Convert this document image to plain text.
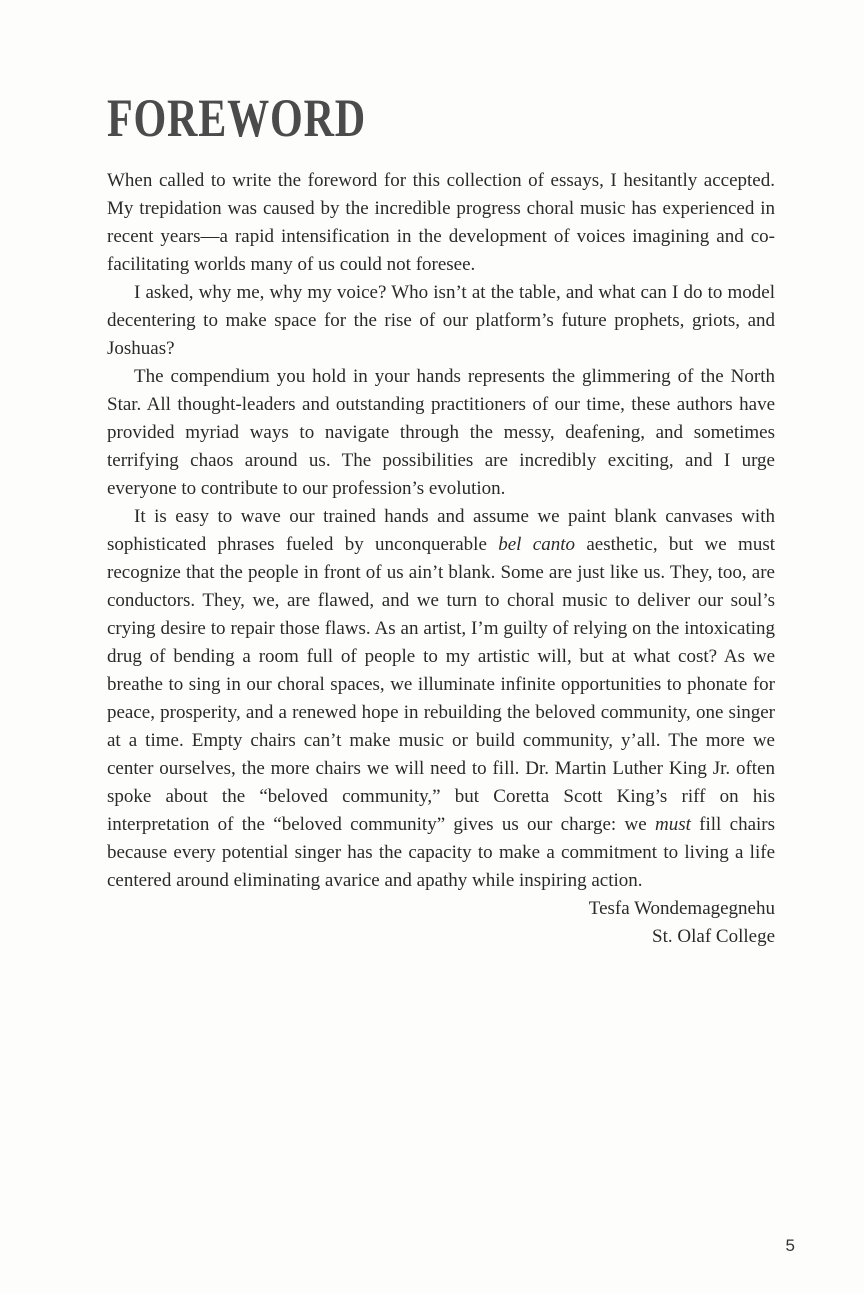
FOREWORD

When called to write the foreword for this collection of essays, I hesitantly accepted. My trepidation was caused by the incredible progress choral music has experienced in recent years—a rapid intensification in the development of voices imagining and co-facilitating worlds many of us could not foresee.

I asked, why me, why my voice? Who isn’t at the table, and what can I do to model decentering to make space for the rise of our platform’s future prophets, griots, and Joshuas?

The compendium you hold in your hands represents the glimmering of the North Star. All thought-leaders and outstanding practitioners of our time, these authors have provided myriad ways to navigate through the messy, deafening, and sometimes terrifying chaos around us. The possibilities are incredibly exciting, and I urge everyone to contribute to our profession’s evolution.

It is easy to wave our trained hands and assume we paint blank canvases with sophisticated phrases fueled by unconquerable bel canto aesthetic, but we must recognize that the people in front of us ain’t blank. Some are just like us. They, too, are conductors. They, we, are flawed, and we turn to choral music to deliver our soul’s crying desire to repair those flaws. As an artist, I’m guilty of relying on the intoxicating drug of bending a room full of people to my artistic will, but at what cost? As we breathe to sing in our choral spaces, we illuminate infinite opportunities to phonate for peace, prosperity, and a renewed hope in rebuilding the beloved community, one singer at a time. Empty chairs can’t make music or build community, y’all. The more we center ourselves, the more chairs we will need to fill. Dr. Martin Luther King Jr. often spoke about the “beloved community,” but Coretta Scott King’s riff on his interpretation of the “beloved community” gives us our charge: we must fill chairs because every potential singer has the capacity to make a commitment to living a life centered around eliminating avarice and apathy while inspiring action.

Tesfa Wondemagegnehu
St. Olaf College
5
